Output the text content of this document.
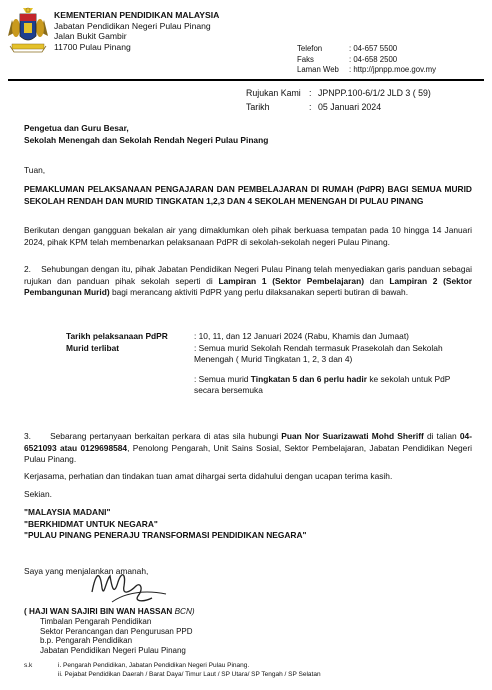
KEMENTERIAN PENDIDIKAN MALAYSIA
Jabatan Pendidikan Negeri Pulau Pinang
Jalan Bukit Gambir
11700 Pulau Pinang	Telefon	: 04-657 5500
Faks	: 04-658 2500
Laman Web	: http://jpnpp.moe.gov.my
Rujukan Kami : JPNPP.100-6/1/2 JLD 3 ( 59)
Tarikh	: 05 Januari 2024
Pengetua dan Guru Besar,
Sekolah Menengah dan Sekolah Rendah Negeri Pulau Pinang
Tuan,
PEMAKLUMAN PELAKSANAAN PENGAJARAN DAN PEMBELAJARAN DI RUMAH (PdPR) BAGI SEMUA MURID SEKOLAH RENDAH DAN MURID TINGKATAN 1,2,3 DAN 4 SEKOLAH MENENGAH DI PULAU PINANG
Berikutan dengan gangguan bekalan air yang dimaklumkan oleh pihak berkuasa tempatan pada 10 hingga 14 Januari 2024, pihak KPM telah membenarkan pelaksanaan PdPR di sekolah-sekolah negeri Pulau Pinang.
2. Sehubungan dengan itu, pihak Jabatan Pendidikan Negeri Pulau Pinang telah menyediakan garis panduan sebagai rujukan dan panduan pihak sekolah seperti di Lampiran 1 (Sektor Pembelajaran) dan Lampiran 2 (Sektor Pembangunan Murid) bagi merancang aktiviti PdPR yang perlu dilaksanakan seperti butiran di bawah.
Tarikh pelaksanaan PdPR	: 10, 11, dan 12 Januari 2024 (Rabu, Khamis dan Jumaat)
Murid terlibat	: Semua murid Sekolah Rendah termasuk Prasekolah dan Sekolah Menengah ( Murid Tingkatan 1, 2, 3 dan 4)
: Semua murid Tingkatan 5 dan 6 perlu hadir ke sekolah untuk PdP secara bersemuka
3. Sebarang pertanyaan berkaitan perkara di atas sila hubungi Puan Nor Suarizawati Mohd Sheriff di talian 04-6521093 atau 0129698584, Penolong Pengarah, Unit Sains Sosial, Sektor Pembelajaran, Jabatan Pendidikan Negeri Pulau Pinang.
Kerjasama, perhatian dan tindakan tuan amat dihargai serta didahului dengan ucapan terima kasih.
Sekian.
"MALAYSIA MADANI"
"BERKHIDMAT UNTUK NEGARA"
"PULAU PINANG PENERAJU TRANSFORMASI PENDIDIKAN NEGARA"
Saya yang menjalankan amanah,
( HAJI WAN SAJIRI BIN WAN HASSAN BCN)
Timbalan Pengarah Pendidikan
Sektor Perancangan dan Pengurusan PPD
b.p. Pengarah Pendidikan
Jabatan Pendidikan Negeri Pulau Pinang
s.k	i. Pengarah Pendidikan, Jabatan Pendidikan Negeri Pulau Pinang.
ii. Pejabat Pendidikan Daerah / Barat Daya/ Timur Laut / SP Utara/ SP Tengah / SP Selatan
